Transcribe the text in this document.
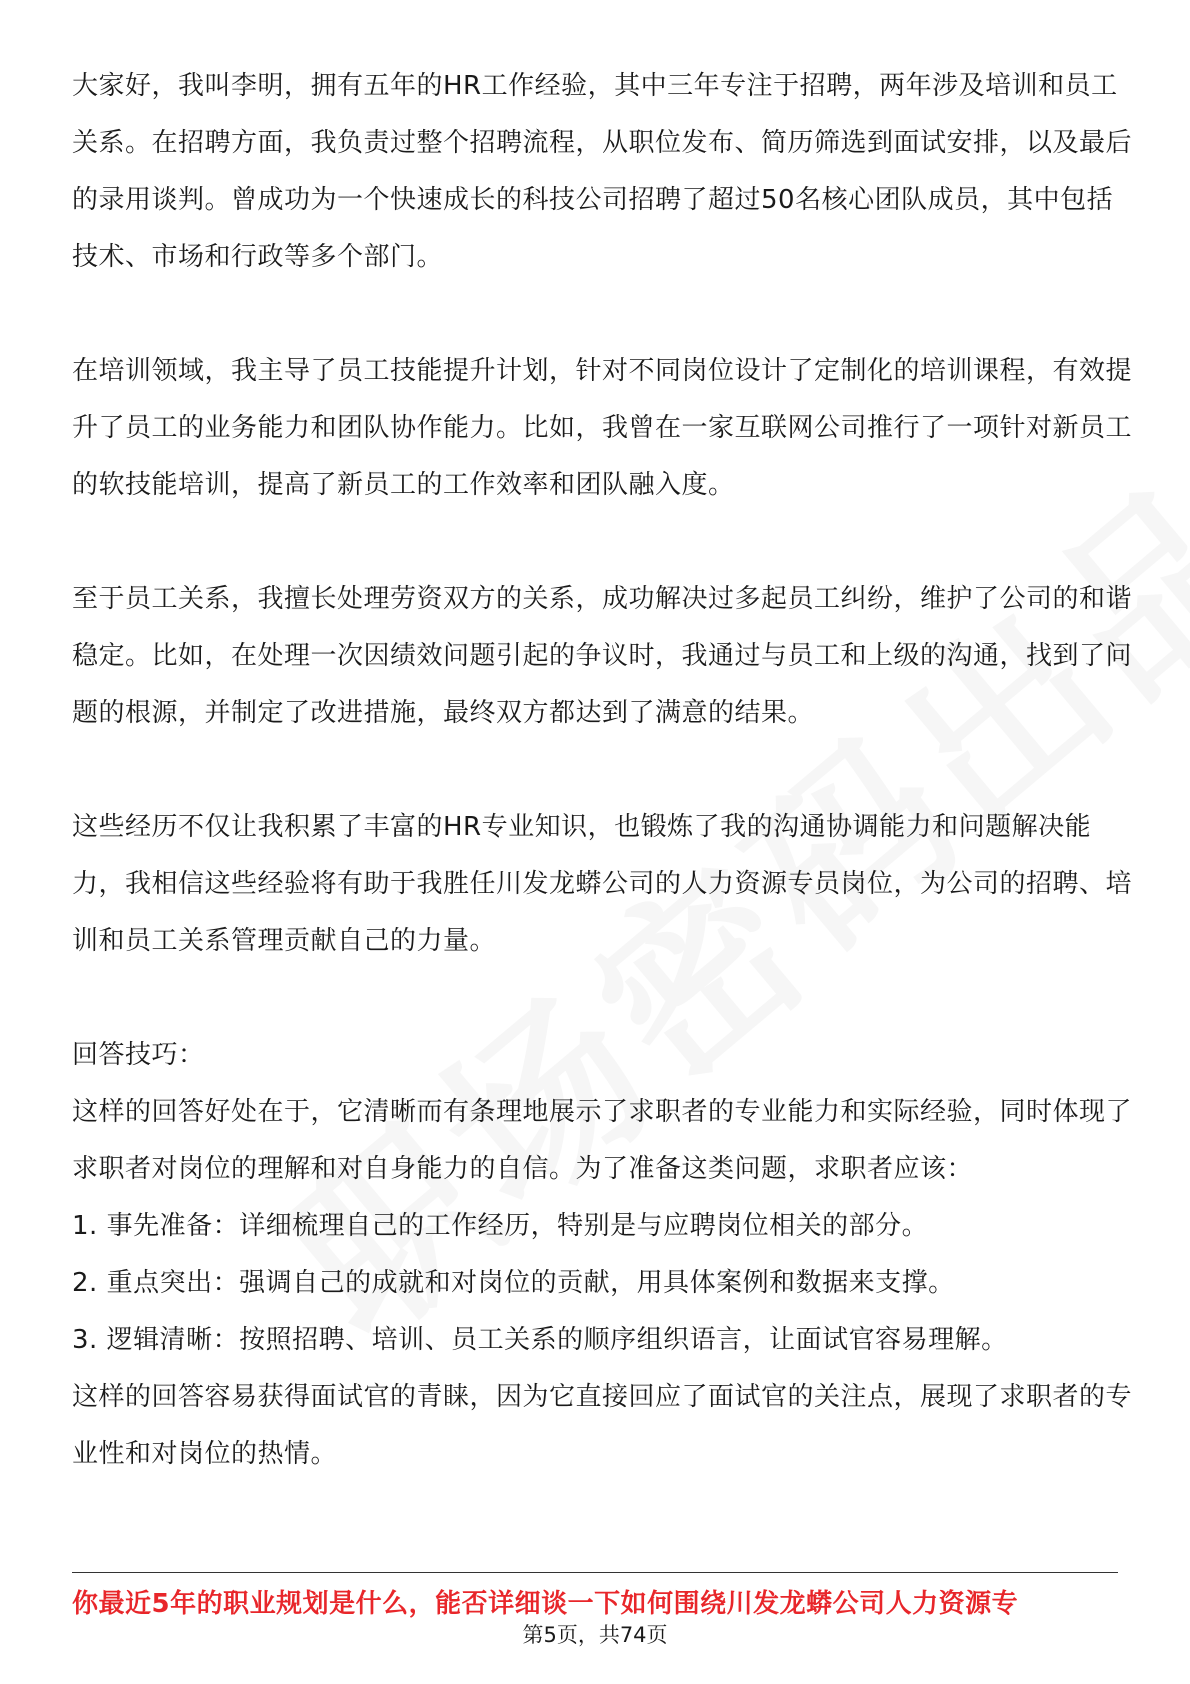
大家好，我叫李明，拥有五年的HR工作经验，其中三年专注于招聘，两年涉及培训和员工关系。在招聘方面，我负责过整个招聘流程，从职位发布、简历筛选到面试安排，以及最后的录用谈判。曾成功为一个快速成长的科技公司招聘了超过50名核心团队成员，其中包括技术、市场和行政等多个部门。

在培训领域，我主导了员工技能提升计划，针对不同岗位设计了定制化的培训课程，有效提升了员工的业务能力和团队协作能力。比如，我曾在一家互联网公司推行了一项针对新员工的软技能培训，提高了新员工的工作效率和团队融入度。

至于员工关系，我擅长处理劳资双方的关系，成功解决过多起员工纠纷，维护了公司的和谐稳定。比如，在处理一次因绩效问题引起的争议时，我通过与员工和上级的沟通，找到了问题的根源，并制定了改进措施，最终双方都达到了满意的结果。

这些经历不仅让我积累了丰富的HR专业知识，也锻炼了我的沟通协调能力和问题解决能力，我相信这些经验将有助于我胜任川发龙蟒公司的人力资源专员岗位，为公司的招聘、培训和员工关系管理贡献自己的力量。

回答技巧：

这样的回答好处在于，它清晰而有条理地展示了求职者的专业能力和实际经验，同时体现了求职者对岗位的理解和对自身能力的自信。为了准备这类问题，求职者应该：

1. 事先准备：详细梳理自己的工作经历，特别是与应聘岗位相关的部分。

2. 重点突出：强调自己的成就和对岗位的贡献，用具体案例和数据来支撑。

3. 逻辑清晰：按照招聘、培训、员工关系的顺序组织语言，让面试官容易理解。

这样的回答容易获得面试官的青睐，因为它直接回应了面试官的关注点，展现了求职者的专业性和对岗位的热情。

你最近5年的职业规划是什么，能否详细谈一下如何围绕川发龙蟒公司人力资源专
第5页，共74页
